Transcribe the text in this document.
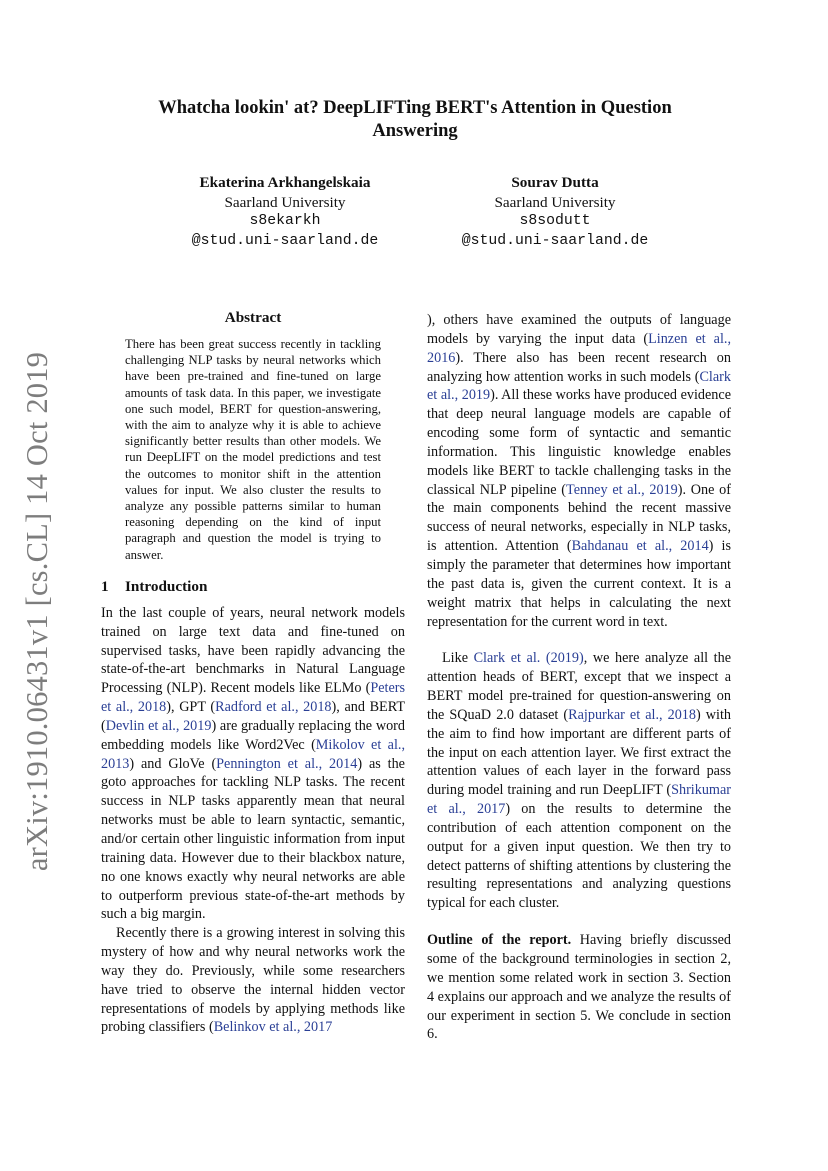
arXiv:1910.06431v1 [cs.CL] 14 Oct 2019
Whatcha lookin' at? DeepLIFTing BERT's Attention in Question Answering
Ekaterina Arkhangelskaia
Saarland University
s8ekarkh
@stud.uni-saarland.de
Sourav Dutta
Saarland University
s8sodutt
@stud.uni-saarland.de
Abstract

There has been great success recently in tackling challenging NLP tasks by neural networks which have been pre-trained and fine-tuned on large amounts of task data. In this paper, we investigate one such model, BERT for question-answering, with the aim to analyze why it is able to achieve significantly better results than other models. We run DeepLIFT on the model predictions and test the outcomes to monitor shift in the attention values for input. We also cluster the results to analyze any possible patterns similar to human reasoning depending on the kind of input paragraph and question the model is trying to answer.

1 Introduction

In the last couple of years, neural network models trained on large text data and fine-tuned on supervised tasks, have been rapidly advancing the state-of-the-art benchmarks in Natural Language Processing (NLP). Recent models like ELMo (Peters et al., 2018), GPT (Radford et al., 2018), and BERT (Devlin et al., 2019) are gradually replacing the word embedding models like Word2Vec (Mikolov et al., 2013) and GloVe (Pennington et al., 2014) as the goto approaches for tackling NLP tasks. The recent success in NLP tasks apparently mean that neural networks must be able to learn syntactic, semantic, and/or certain other linguistic information from input training data. However due to their blackbox nature, no one knows exactly why neural networks are able to outperform previous state-of-the-art methods by such a big margin.

Recently there is a growing interest in solving this mystery of how and why neural networks work the way they do. Previously, while some researchers have tried to observe the internal hidden vector representations of models by applying methods like probing classifiers (Belinkov et al., 2017

), others have examined the outputs of language models by varying the input data (Linzen et al., 2016). There also has been recent research on analyzing how attention works in such models (Clark et al., 2019). All these works have produced evidence that deep neural language models are capable of encoding some form of syntactic and semantic information. This linguistic knowledge enables models like BERT to tackle challenging tasks in the classical NLP pipeline (Tenney et al., 2019). One of the main components behind the recent massive success of neural networks, especially in NLP tasks, is attention. Attention (Bahdanau et al., 2014) is simply the parameter that determines how important the past data is, given the current context. It is a weight matrix that helps in calculating the next representation for the current word in text.

Like Clark et al. (2019), we here analyze all the attention heads of BERT, except that we inspect a BERT model pre-trained for question-answering on the SQuaD 2.0 dataset (Rajpurkar et al., 2018) with the aim to find how important are different parts of the input on each attention layer. We first extract the attention values of each layer in the forward pass during model training and run DeepLIFT (Shrikumar et al., 2017) on the results to determine the contribution of each attention component on the output for a given input question. We then try to detect patterns of shifting attentions by clustering the resulting representations and analyzing questions typical for each cluster.

Outline of the report. Having briefly discussed some of the background terminologies in section 2, we mention some related work in section 3. Section 4 explains our approach and we analyze the results of our experiment in section 5. We conclude in section 6.
